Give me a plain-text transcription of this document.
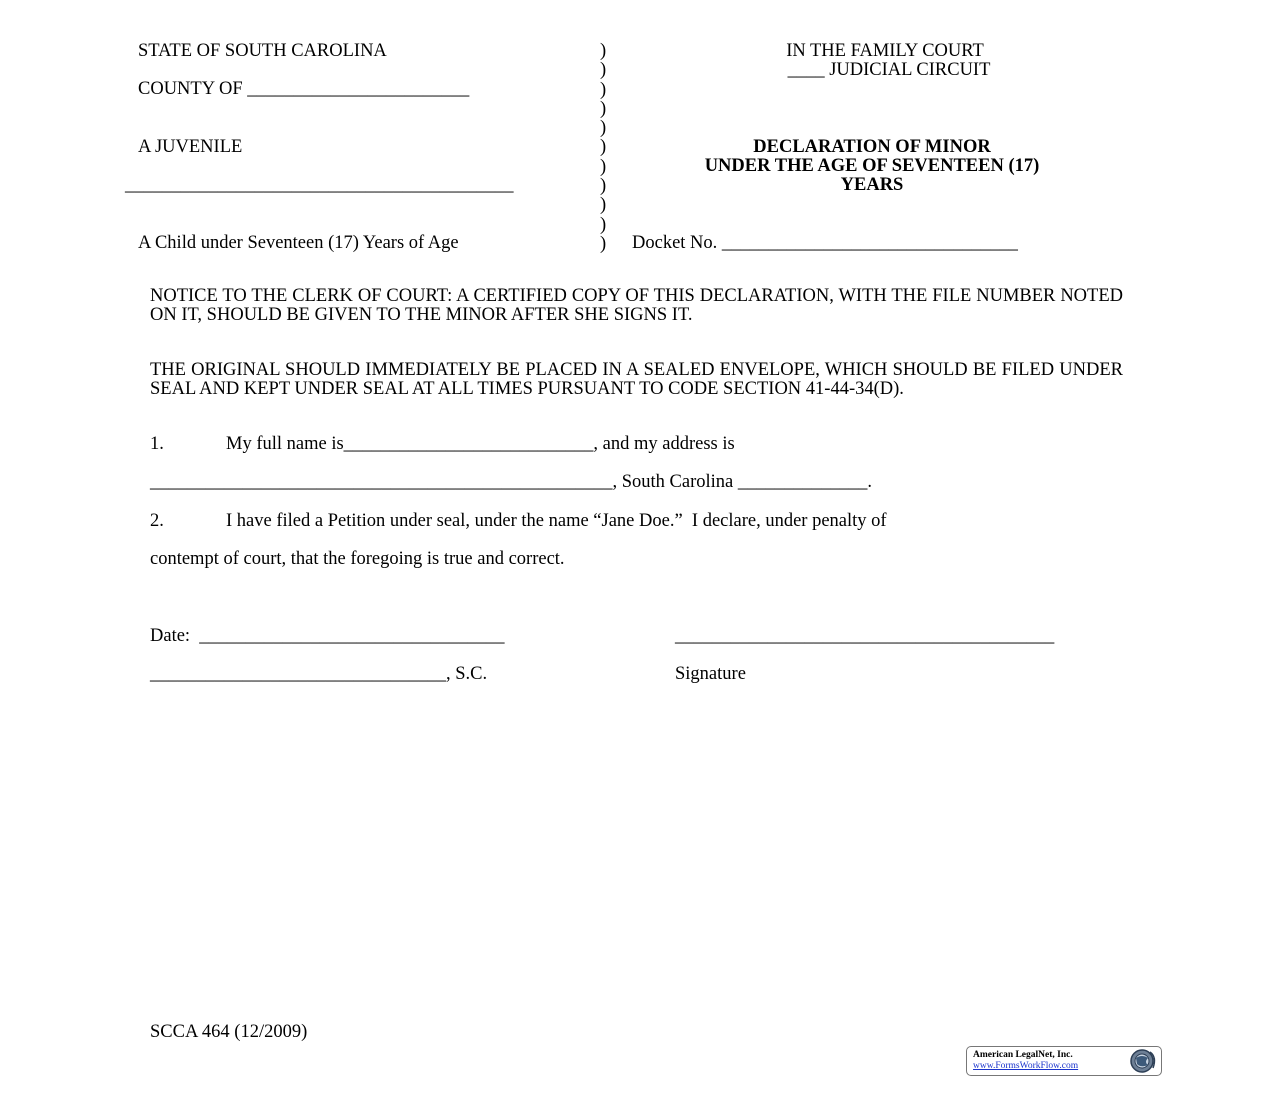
STATE OF SOUTH CAROLINA
COUNTY OF ________________________
A JUVENILE
__________________________________________
A Child under Seventeen (17) Years of Age
)
)
)
)
)
)
)
)
)
)
)
IN THE FAMILY COURT
____ JUDICIAL CIRCUIT
DECLARATION OF MINOR
UNDER THE AGE OF SEVENTEEN (17)
YEARS
Docket No. ________________________________
NOTICE TO THE CLERK OF COURT: A CERTIFIED COPY OF THIS DECLARATION, WITH THE FILE NUMBER NOTED ON IT, SHOULD BE GIVEN TO THE MINOR AFTER SHE SIGNS IT.
THE ORIGINAL SHOULD IMMEDIATELY BE PLACED IN A SEALED ENVELOPE, WHICH SHOULD BE FILED UNDER SEAL AND KEPT UNDER SEAL AT ALL TIMES PURSUANT TO CODE SECTION 41-44-34(D).
1.	My full name is___________________________, and my address is
__________________________________________________, South Carolina ______________.
2.	I have filed a Petition under seal, under the name “Jane Doe.”  I declare, under penalty of
contempt of court, that the foregoing is true and correct.
Date:  _________________________________	_________________________________________
________________________________, S.C.	Signature
SCCA 464 (12/2009)
American LegalNet, Inc.
www.FormsWorkFlow.com
